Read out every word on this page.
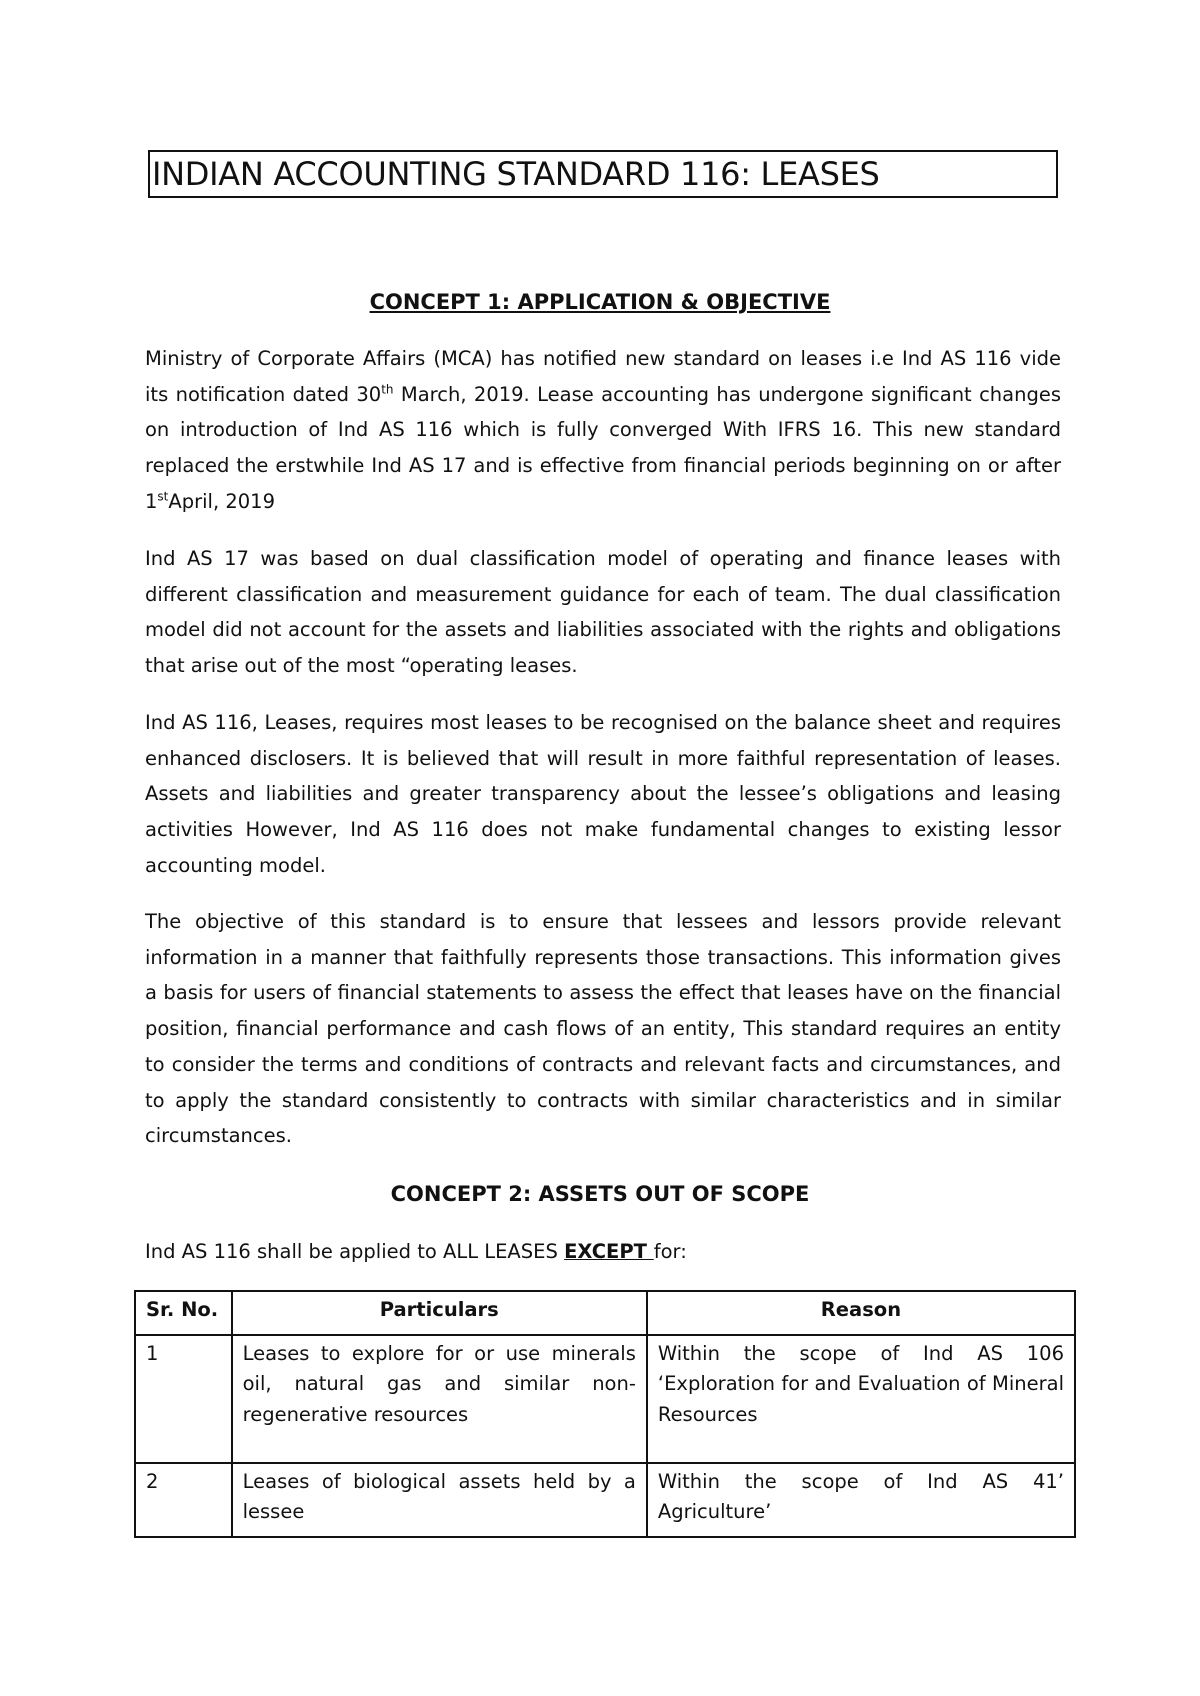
INDIAN ACCOUNTING STANDARD 116: LEASES
CONCEPT 1: APPLICATION & OBJECTIVE

Ministry of Corporate Affairs (MCA) has notified new standard on leases i.e Ind AS 116 vide its notification dated 30th March, 2019. Lease accounting has undergone significant changes on introduction of Ind AS 116 which is fully converged With IFRS 16. This new standard replaced the erstwhile Ind AS 17 and is effective from financial periods beginning on or after 1stApril, 2019

Ind AS 17 was based on dual classification model of operating and finance leases with different classification and measurement guidance for each of team. The dual classification model did not account for the assets and liabilities associated with the rights and obligations that arise out of the most “operating leases.

Ind AS 116, Leases, requires most leases to be recognised on the balance sheet and requires enhanced disclosers. It is believed that will result in more faithful representation of leases. Assets and liabilities and greater transparency about the lessee’s obligations and leasing activities However, Ind AS 116 does not make fundamental changes to existing lessor accounting model.

The objective of this standard is to ensure that lessees and lessors provide relevant information in a manner that faithfully represents those transactions. This information gives a basis for users of financial statements to assess the effect that leases have on the financial position, financial performance and cash flows of an entity, This standard requires an entity to consider the terms and conditions of contracts and relevant facts and circumstances, and to apply the standard consistently to contracts with similar characteristics and in similar circumstances.

CONCEPT 2: ASSETS OUT OF SCOPE
Ind AS 116 shall be applied to ALL LEASES EXCEPT for:
Sr. No.	Particulars	Reason
1	Leases to explore for or use minerals oil, natural gas and similar non-regenerative resources	Within the scope of Ind AS 106 ‘Exploration for and Evaluation of Mineral Resources
2	Leases of biological assets held by a lessee	Within the scope of Ind AS 41’ Agriculture’
